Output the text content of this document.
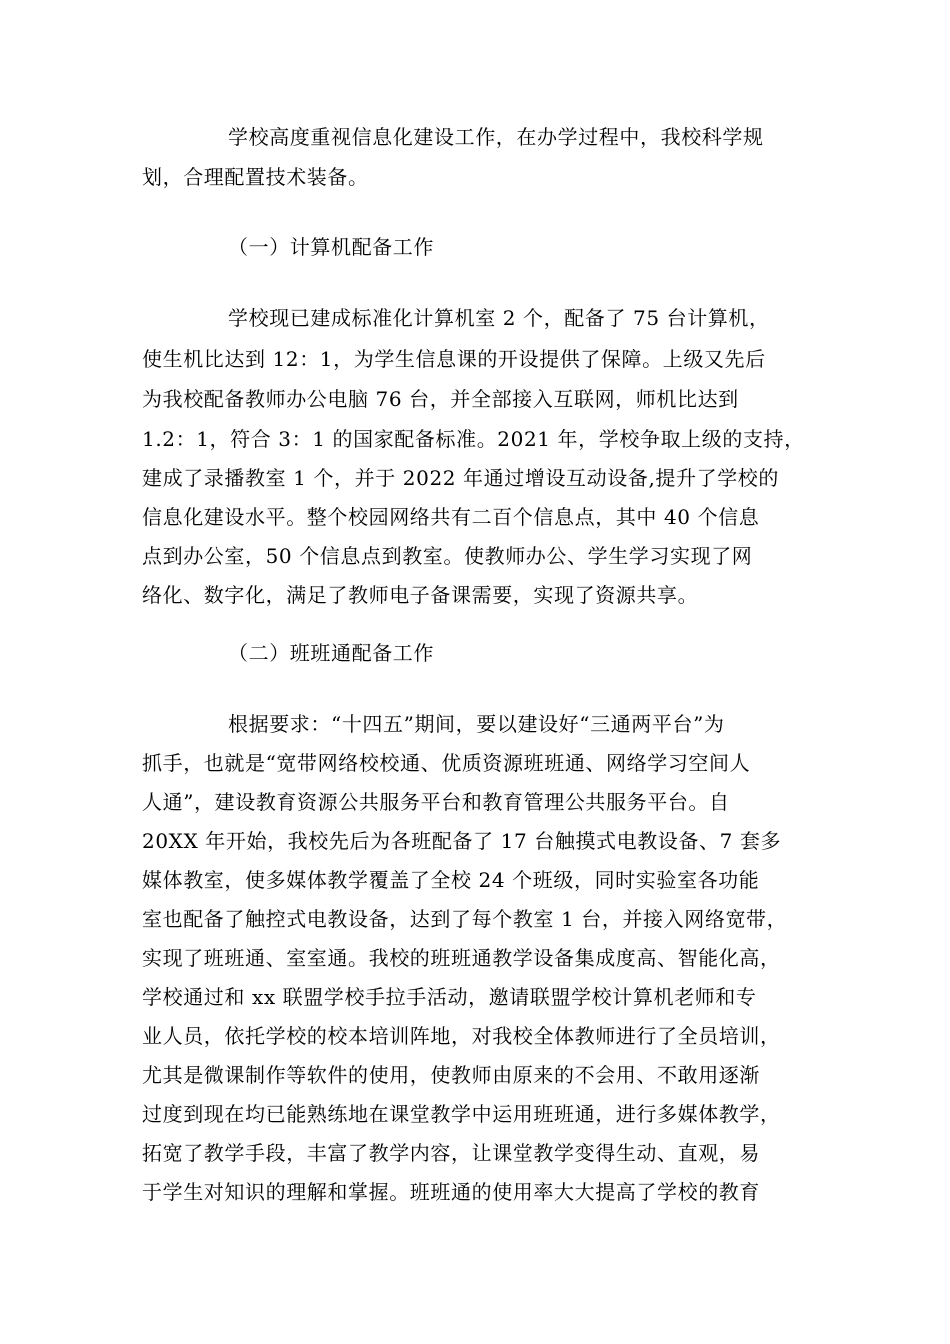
学校高度重视信息化建设工作，在办学过程中，我校科学规
划，合理配置技术装备。
（一）计算机配备工作
学校现已建成标准化计算机室 2 个，配备了 75 台计算机，
使生机比达到 12：1，为学生信息课的开设提供了保障。上级又先后
为我校配备教师办公电脑 76 台，并全部接入互联网，师机比达到
1.2：1，符合 3：1 的国家配备标准。2021 年，学校争取上级的支持，
建成了录播教室 1 个，并于 2022 年通过增设互动设备,提升了学校的
信息化建设水平。整个校园网络共有二百个信息点，其中 40 个信息
点到办公室，50 个信息点到教室。使教师办公、学生学习实现了网
络化、数字化，满足了教师电子备课需要，实现了资源共享。
（二）班班通配备工作
根据要求：“十四五”期间，要以建设好“三通两平台”为
抓手，也就是“宽带网络校校通、优质资源班班通、网络学习空间人
人通”，建设教育资源公共服务平台和教育管理公共服务平台。自
20XX 年开始，我校先后为各班配备了 17 台触摸式电教设备、7 套多
媒体教室，使多媒体教学覆盖了全校 24 个班级，同时实验室各功能
室也配备了触控式电教设备，达到了每个教室 1 台，并接入网络宽带，
实现了班班通、室室通。我校的班班通教学设备集成度高、智能化高，
学校通过和 xx 联盟学校手拉手活动，邀请联盟学校计算机老师和专
业人员，依托学校的校本培训阵地，对我校全体教师进行了全员培训，
尤其是微课制作等软件的使用，使教师由原来的不会用、不敢用逐渐
过度到现在均已能熟练地在课堂教学中运用班班通，进行多媒体教学，
拓宽了教学手段，丰富了教学内容，让课堂教学变得生动、直观，易
于学生对知识的理解和掌握。班班通的使用率大大提高了学校的教育
